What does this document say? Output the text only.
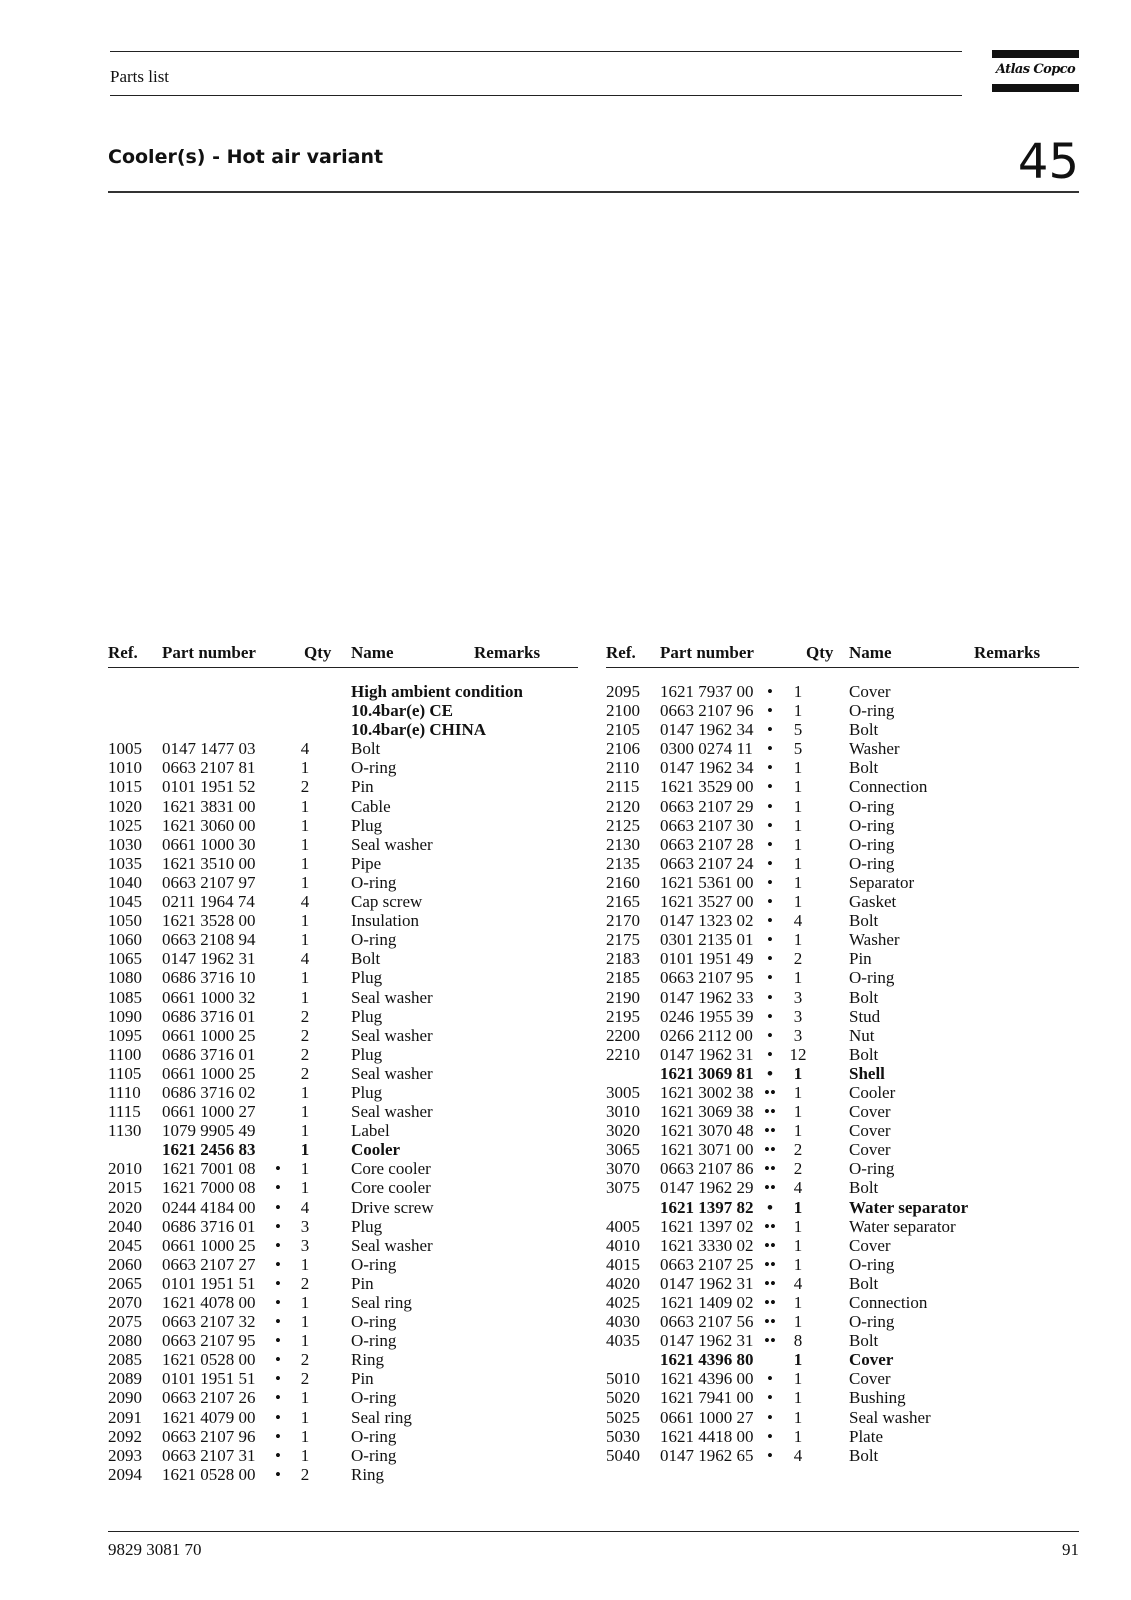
Parts list	Atlas Copco
Cooler(s) - Hot air variant	45
Ref. Part number	Qty Name	Remarks	Ref. Part number	Qty Name	Remarks
High ambient condition
10.4bar(e) CE
10.4bar(e) CHINA
1005 0147 1477 03	4	Bolt
1010 0663 2107 81	1	O-ring
1015 0101 1951 52	2	Pin
1020 1621 3831 00	1	Cable
1025 1621 3060 00	1	Plug
1030 0661 1000 30	1	Seal washer
1035 1621 3510 00	1	Pipe
1040 0663 2107 97	1	O-ring
1045 0211 1964 74	4	Cap screw
1050 1621 3528 00	1	Insulation
1060 0663 2108 94	1	O-ring
1065 0147 1962 31	4	Bolt
1080 0686 3716 10	1	Plug
1085 0661 1000 32	1	Seal washer
1090 0686 3716 01	2	Plug
1095 0661 1000 25	2	Seal washer
1100 0686 3716 01	2	Plug
1105 0661 1000 25	2	Seal washer
1110 0686 3716 02	1	Plug
1115 0661 1000 27	1	Seal washer
1130 1079 9905 49	1	Label
1621 2456 83	1	Cooler
2010 1621 7001 08	•	1	Core cooler
2015 1621 7000 08	•	1	Core cooler
2020 0244 4184 00	•	4	Drive screw
2040 0686 3716 01	•	3	Plug
2045 0661 1000 25	•	3	Seal washer
2060 0663 2107 27	•	1	O-ring
2065 0101 1951 51	•	2	Pin
2070 1621 4078 00	•	1	Seal ring
2075 0663 2107 32	•	1	O-ring
2080 0663 2107 95	•	1	O-ring
2085 1621 0528 00	•	2	Ring
2089 0101 1951 51	•	2	Pin
2090 0663 2107 26	•	1	O-ring
2091 1621 4079 00	•	1	Seal ring
2092 0663 2107 96	•	1	O-ring
2093 0663 2107 31	•	1	O-ring
2094 1621 0528 00	•	2	Ring
2095 1621 7937 00 •	1	Cover
2100 0663 2107 96 •	1	O-ring
2105 0147 1962 34 •	5	Bolt
2106 0300 0274 11 •	5	Washer
2110 0147 1962 34 •	1	Bolt
2115 1621 3529 00 •	1	Connection
2120 0663 2107 29 •	1	O-ring
2125 0663 2107 30 •	1	O-ring
2130 0663 2107 28 •	1	O-ring
2135 0663 2107 24 •	1	O-ring
2160 1621 5361 00 •	1	Separator
2165 1621 3527 00 •	1	Gasket
2170 0147 1323 02 •	4	Bolt
2175 0301 2135 01 •	1	Washer
2183 0101 1951 49 •	2	Pin
2185 0663 2107 95 •	1	O-ring
2190 0147 1962 33 •	3	Bolt
2195 0246 1955 39 •	3	Stud
2200 0266 2112 00 •	3	Nut
2210 0147 1962 31 • 12	Bolt
1621 3069 81 •	1	Shell
3005 1621 3002 38 ••	1	Cooler
3010 1621 3069 38 ••	1	Cover
3020 1621 3070 48 ••	1	Cover
3065 1621 3071 00 ••	2	Cover
3070 0663 2107 86 ••	2	O-ring
3075 0147 1962 29 ••	4	Bolt
1621 1397 82 •	1	Water separator
4005 1621 1397 02 ••	1	Water separator
4010 1621 3330 02 ••	1	Cover
4015 0663 2107 25 ••	1	O-ring
4020 0147 1962 31 ••	4	Bolt
4025 1621 1409 02 ••	1	Connection
4030 0663 2107 56 ••	1	O-ring
4035 0147 1962 31 ••	8	Bolt
1621 4396 80	1	Cover
5010 1621 4396 00 •	1	Cover
5020 1621 7941 00 •	1	Bushing
5025 0661 1000 27 •	1	Seal washer
5030 1621 4418 00 •	1	Plate
5040 0147 1962 65 •	4	Bolt
9829 3081 70	91
